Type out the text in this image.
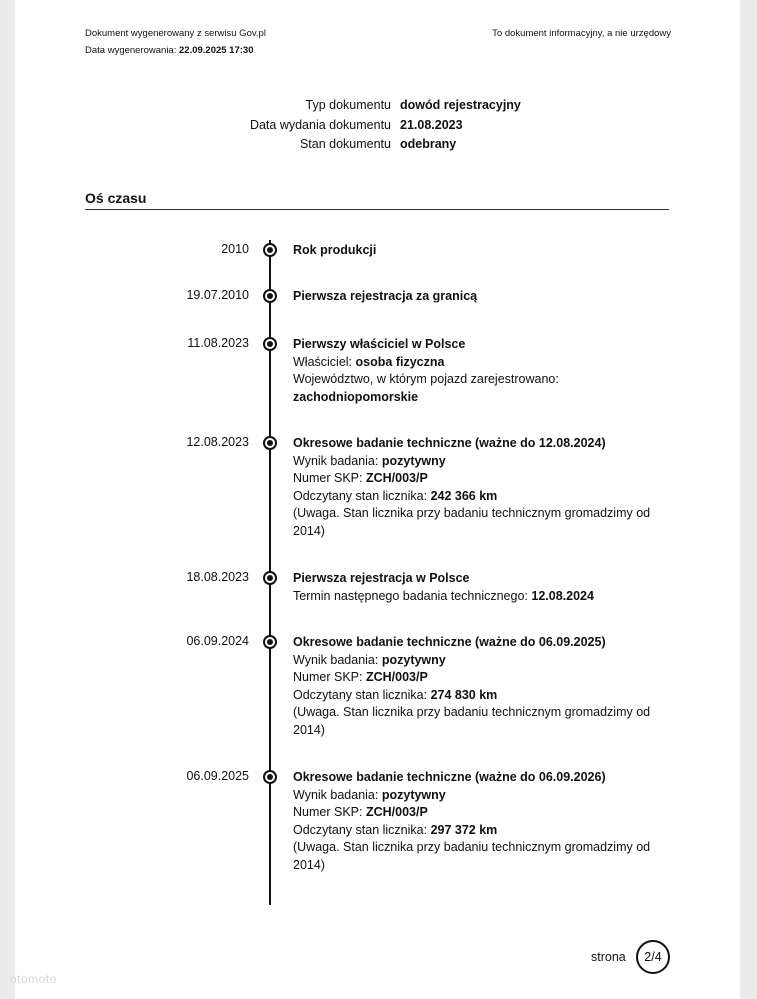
Dokument wygenerowany z serwisu Gov.pl
Data wygenerowania: 22.09.2025 17:30
To dokument informacyjny, a nie urzędowy
Typ dokumentu dowód rejestracyjny
Data wydania dokumentu 21.08.2023
Stan dokumentu odebrany
Oś czasu
2010	Rok produkcji
19.07.2010	Pierwsza rejestracja za granicą
11.08.2023	Pierwszy właściciel w Polsce
Właściciel: osoba fizyczna
Województwo, w którym pojazd zarejestrowano:
zachodniopomorskie
12.08.2023	Okresowe badanie techniczne (ważne do 12.08.2024)
Wynik badania: pozytywny
Numer SKP: ZCH/003/P
Odczytany stan licznika: 242 366 km
(Uwaga. Stan licznika przy badaniu technicznym gromadzimy od 2014)
18.08.2023	Pierwsza rejestracja w Polsce
Termin następnego badania technicznego: 12.08.2024
06.09.2024	Okresowe badanie techniczne (ważne do 06.09.2025)
Wynik badania: pozytywny
Numer SKP: ZCH/003/P
Odczytany stan licznika: 274 830 km
(Uwaga. Stan licznika przy badaniu technicznym gromadzimy od 2014)
06.09.2025	Okresowe badanie techniczne (ważne do 06.09.2026)
Wynik badania: pozytywny
Numer SKP: ZCH/003/P
Odczytany stan licznika: 297 372 km
(Uwaga. Stan licznika przy badaniu technicznym gromadzimy od 2014)
strona	2/4
otomoto
